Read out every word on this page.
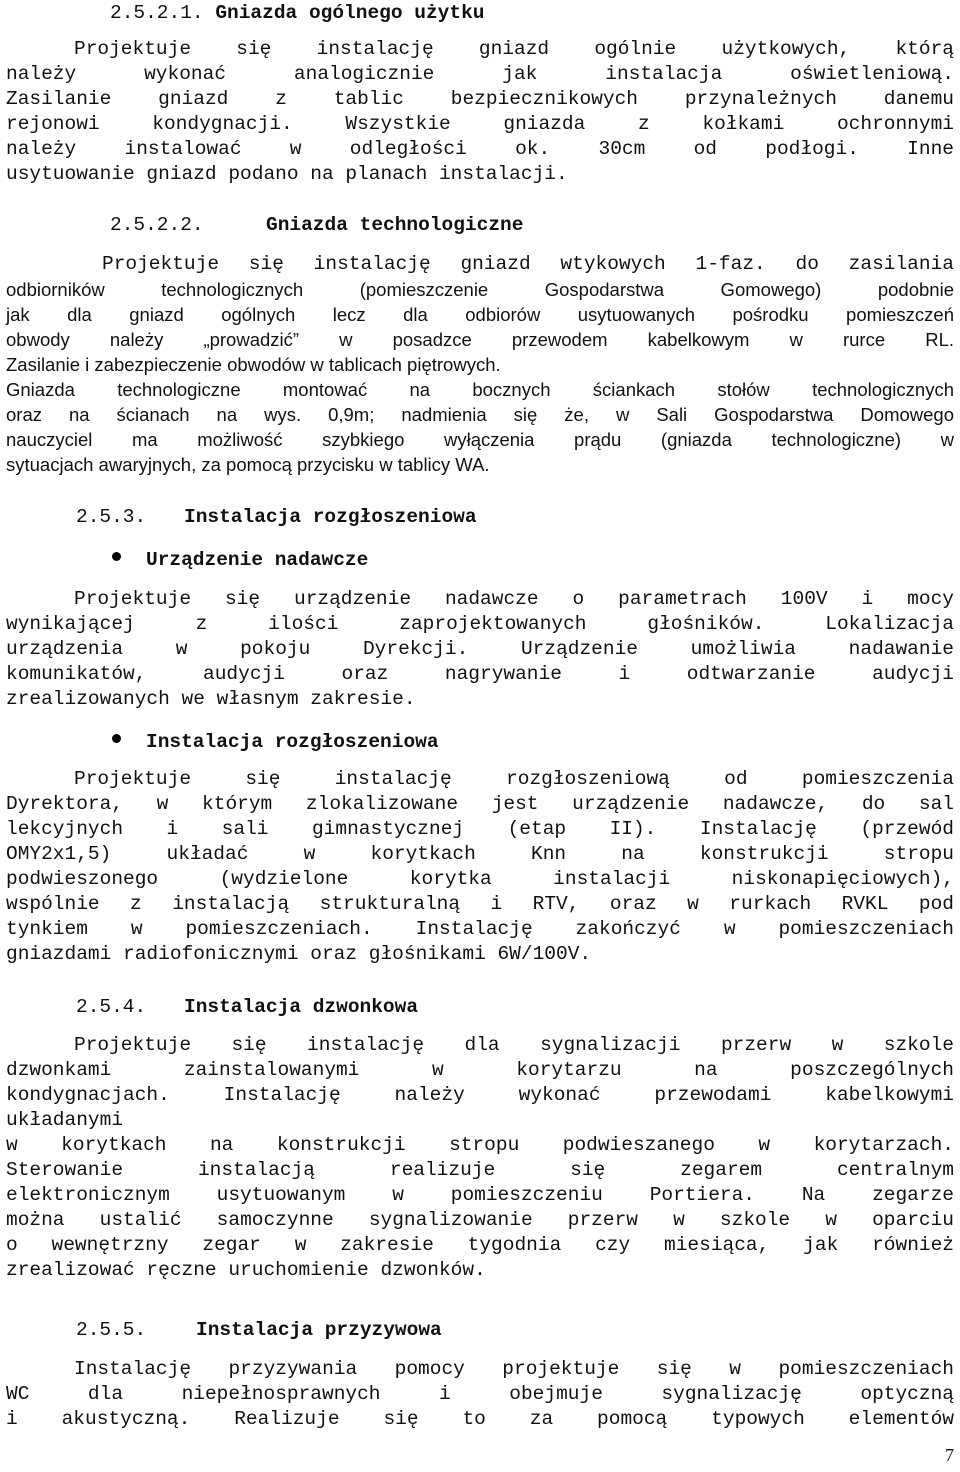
2.5.2.1. Gniazda ogólnego użytku
Projektuje się instalację gniazd ogólnie użytkowych, którą
należy wykonać analogicznie jak instalacja oświetleniową.
Zasilanie gniazd z tablic bezpiecznikowych przynależnych danemu
rejonowi kondygnacji. Wszystkie gniazda z kołkami ochronnymi
należy instalować w odległości ok. 30cm od podłogi. Inne
usytuowanie gniazd podano na planach instalacji.
2.5.2.2.	Gniazda technologiczne
Projektuje się instalację gniazd wtykowych 1-faz. do zasilania
odbiorników technologicznych (pomieszczenie Gospodarstwa Gomowego) podobnie
jak dla gniazd ogólnych lecz dla odbiorów usytuowanych pośrodku pomieszczeń
obwody należy „prowadzić” w posadzce przewodem kabelkowym w rurce RL.
Zasilanie i zabezpieczenie obwodów w tablicach piętrowych.
Gniazda technologiczne montować na bocznych ściankach stołów technologicznych
oraz na ścianach na wys. 0,9m; nadmienia się że, w Sali Gospodarstwa Domowego
nauczyciel ma możliwość szybkiego wyłączenia prądu (gniazda technologiczne) w
sytuacjach awaryjnych, za pomocą przycisku w tablicy WA.
2.5.3. Instalacja rozgłoszeniowa
Urządzenie nadawcze
Projektuje się urządzenie nadawcze o parametrach 100V i mocy
wynikającej z ilości zaprojektowanych głośników. Lokalizacja
urządzenia w pokoju Dyrekcji. Urządzenie umożliwia nadawanie
komunikatów, audycji oraz nagrywanie i odtwarzanie audycji
zrealizowanych we własnym zakresie.
Instalacja rozgłoszeniowa
Projektuje się instalację rozgłoszeniową od pomieszczenia
Dyrektora, w którym zlokalizowane jest urządzenie nadawcze, do sal
lekcyjnych i sali gimnastycznej (etap II). Instalację (przewód
OMY2x1,5) układać w korytkach Knn na konstrukcji stropu
podwieszonego (wydzielone korytka instalacji niskonapięciowych),
wspólnie z instalacją strukturalną i RTV, oraz w rurkach RVKL pod
tynkiem w pomieszczeniach. Instalację zakończyć w pomieszczeniach
gniazdami radiofonicznymi oraz głośnikami 6W/100V.
2.5.4. Instalacja dzwonkowa
Projektuje się instalację dla sygnalizacji przerw w szkole
dzwonkami zainstalowanymi w korytarzu na poszczególnych
kondygnacjach. Instalację należy wykonać przewodami kabelkowymi
układanymi
w korytkach na konstrukcji stropu podwieszanego w korytarzach.
Sterowanie instalacją realizuje się zegarem centralnym
elektronicznym usytuowanym w pomieszczeniu Portiera. Na zegarze
można ustalić samoczynne sygnalizowanie przerw w szkole w oparciu
o wewnętrzny zegar w zakresie tygodnia czy miesiąca, jak również
zrealizować ręczne uruchomienie dzwonków.
2.5.5.	Instalacja przyzywowa
Instalację przyzywania pomocy projektuje się w pomieszczeniach
WC dla niepełnosprawnych i obejmuje sygnalizację optyczną
i akustyczną. Realizuje się to za pomocą typowych elementów
7
